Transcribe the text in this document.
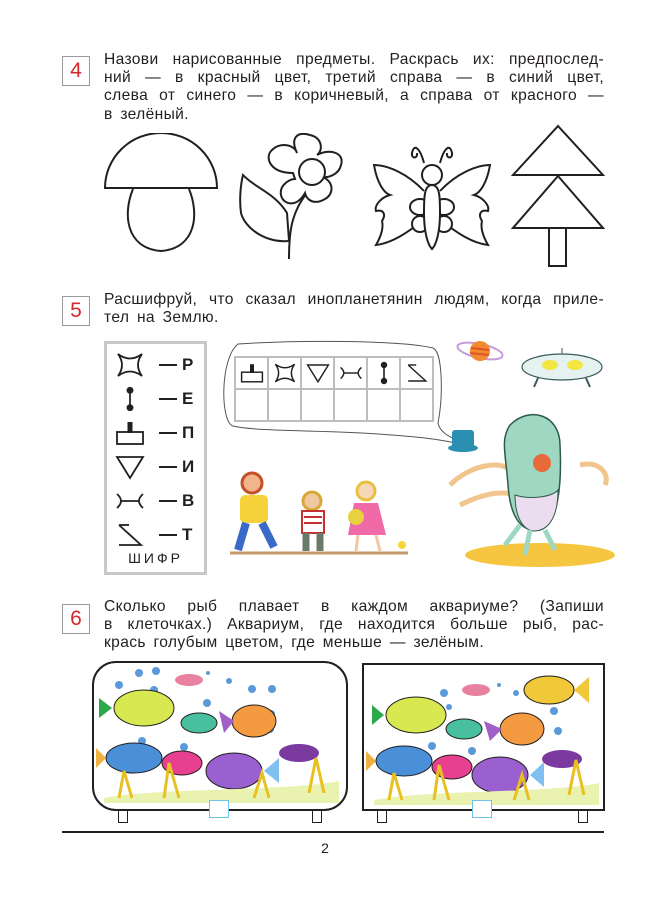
4	Назови нарисованные предметы. Раскрась их: предпослед-
ний — в красный цвет, третий справа — в синий цвет,
слева от синего — в коричневый, а справа от красного —
в зелёный.
5	Расшифруй, что сказал инопланетянин людям, когда приле-
тел на Землю.
Р
Е
П
И
В
Т
ШИФР
6
Сколько рыб плавает в каждом аквариуме? (Запиши
в клеточках.) Аквариум, где находится больше рыб, рас-
крась голубым цветом, где меньше — зелёным.
2
